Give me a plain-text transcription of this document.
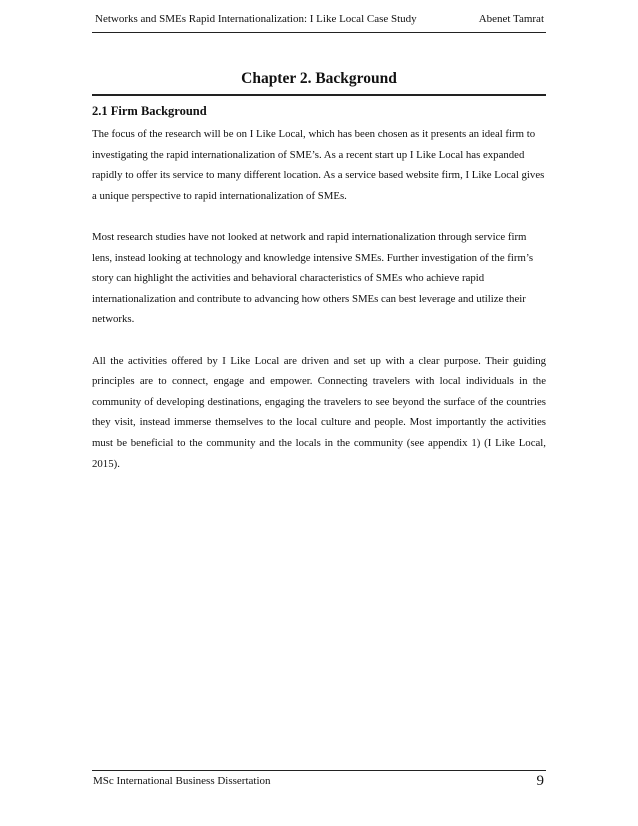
Networks and SMEs Rapid Internationalization: I Like Local Case Study	Abenet Tamrat
Chapter 2. Background
2.1 Firm Background

The focus of the research will be on I Like Local, which has been chosen as it presents an ideal firm to investigating the rapid internationalization of SME’s. As a recent start up I Like Local has expanded rapidly to offer its service to many different location. As a service based website firm, I Like Local gives a unique perspective to rapid internationalization of SMEs.

Most research studies have not looked at network and rapid internationalization through service firm lens, instead looking at technology and knowledge intensive SMEs. Further investigation of the firm’s story can highlight the activities and behavioral characteristics of SMEs who achieve rapid internationalization and contribute to advancing how others SMEs can best leverage and utilize their networks.

All the activities offered by I Like Local are driven and set up with a clear purpose. Their guiding principles are to connect, engage and empower. Connecting travelers with local individuals in the community of developing destinations, engaging the travelers to see beyond the surface of the countries they visit, instead immerse themselves to the local culture and people. Most importantly the activities must be beneficial to the community and the locals in the community (see appendix 1) (I Like Local, 2015).

MSc International Business Dissertation	9
